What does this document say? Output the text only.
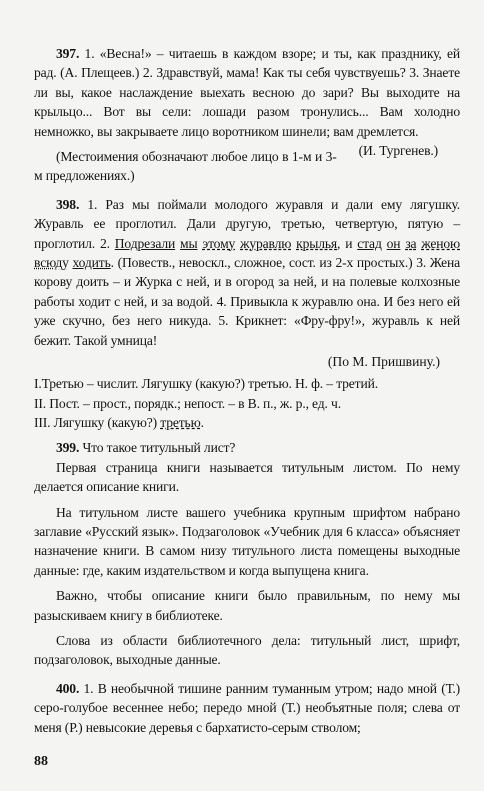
397. 1. «Весна!» – читаешь в каждом взоре; и ты, как празднику, ей рад. (А. Плещеев.) 2. Здравствуй, мама! Как ты себя чувствуешь? 3. Знаете ли вы, какое наслаждение выехать весною до зари? Вы выходите на крыльцо... Вот вы сели: лошади разом тронулись... Вам холодно немножко, вы закрываете лицо воротником шинели; вам дремлется.
(И. Тургенев.)

(Местоимения обозначают любое лицо в 1-м и 3-м предложениях.)

398. 1. Раз мы поймали молодого журавля и дали ему лягушку. Журавль ее проглотил. Дали другую, третью, четвертую, пятую – проглотил. 2. Подрезали мы этому журавлю крылья, и стад он за женою всюду ходить. (Повеств., невоскл., сложное, сост. из 2-х простых.) 3. Жена корову доить – и Журка с ней, и в огород за ней, и на полевые колхозные работы ходит с ней, и за водой. 4. Привыкла к журавлю она. И без него ей уже скучно, без него никуда. 5. Крикнет: «Фру-фру!», журавль к ней бежит. Такой умница!

(По М. Пришвину.)

I.Третью – числит. Лягушку (какую?) третью. Н. ф. – третий.

II. Пост. – прост., порядк.; непост. – в В. п., ж. р., ед. ч.

III. Лягушку (какую?) третью.

399. Что такое титульный лист?

Первая страница книги называется титульным листом. По нему делается описание книги.

На титульном листе вашего учебника крупным шрифтом набрано заглавие «Русский язык». Подзаголовок «Учебник для 6 класса» объясняет назначение книги. В самом низу титульного листа помещены выходные данные: где, каким издательством и когда выпущена книга.

Важно, чтобы описание книги было правильным, по нему мы разыскиваем книгу в библиотеке.

Слова из области библиотечного дела: титульный лист, шрифт, подзаголовок, выходные данные.

400. 1. В необычной тишине ранним туманным утром; надо мной (Т.) серо-голубое весеннее небо; передо мной (Т.) необъятные поля; слева от меня (Р.) невысокие деревья с бархатисто-серым стволом;

88
